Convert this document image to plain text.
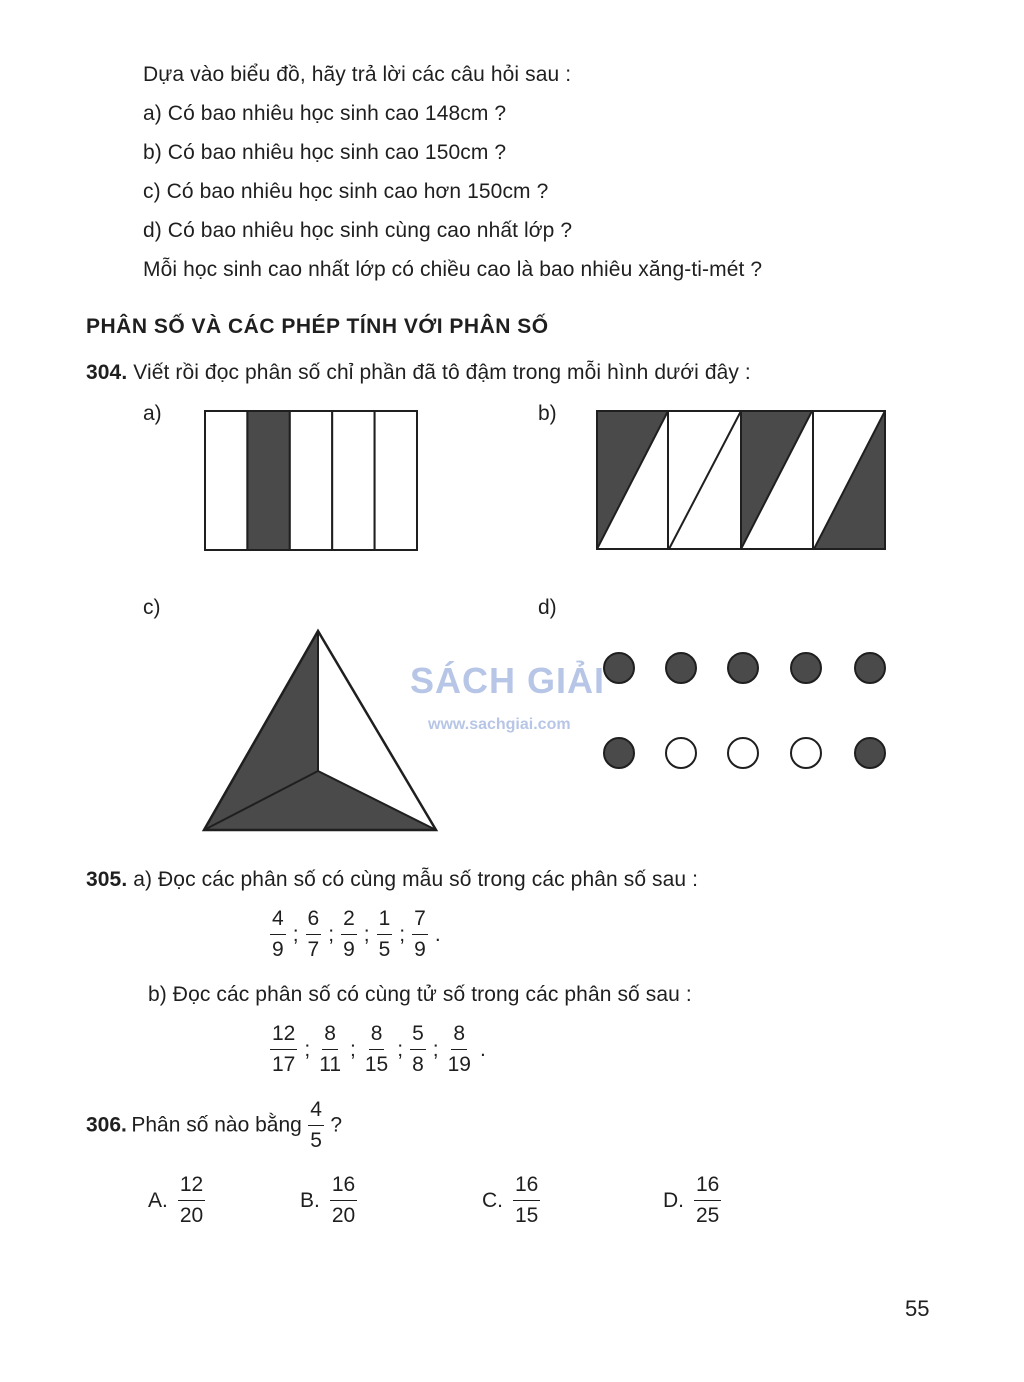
Dựa vào biểu đồ, hãy trả lời các câu hỏi sau :
a) Có bao nhiêu học sinh cao 148cm ?
b) Có bao nhiêu học sinh cao 150cm ?
c) Có bao nhiêu học sinh cao hơn 150cm ?
d) Có bao nhiêu học sinh cùng cao nhất lớp ?
Mỗi học sinh cao nhất lớp có chiều cao là bao nhiêu xăng-ti-mét ?
PHÂN SỐ VÀ CÁC PHÉP TÍNH VỚI PHÂN SỐ
304. Viết rồi đọc phân số chỉ phần đã tô đậm trong mỗi hình dưới đây :
a)	b)
c)	d)
SÁCH GIẢI
www.sachgiai.com
305. a) Đọc các phân số có cùng mẫu số trong các phân số sau :
$\frac{4}{9}$ ; $\frac{6}{7}$ ; $\frac{2}{9}$ ; $\frac{1}{5}$ ; $\frac{7}{9}$ .
b) Đọc các phân số có cùng tử số trong các phân số sau :
$\frac{12}{17}$ ; $\frac{8}{11}$ ; $\frac{8}{15}$ ; $\frac{5}{8}$ ; $\frac{8}{19}$ .
306. Phân số nào bằng $\frac{4}{5}$ ?
A. $\frac{12}{20}$	B. $\frac{16}{20}$	C. $\frac{16}{15}$	D. $\frac{16}{25}$
55
